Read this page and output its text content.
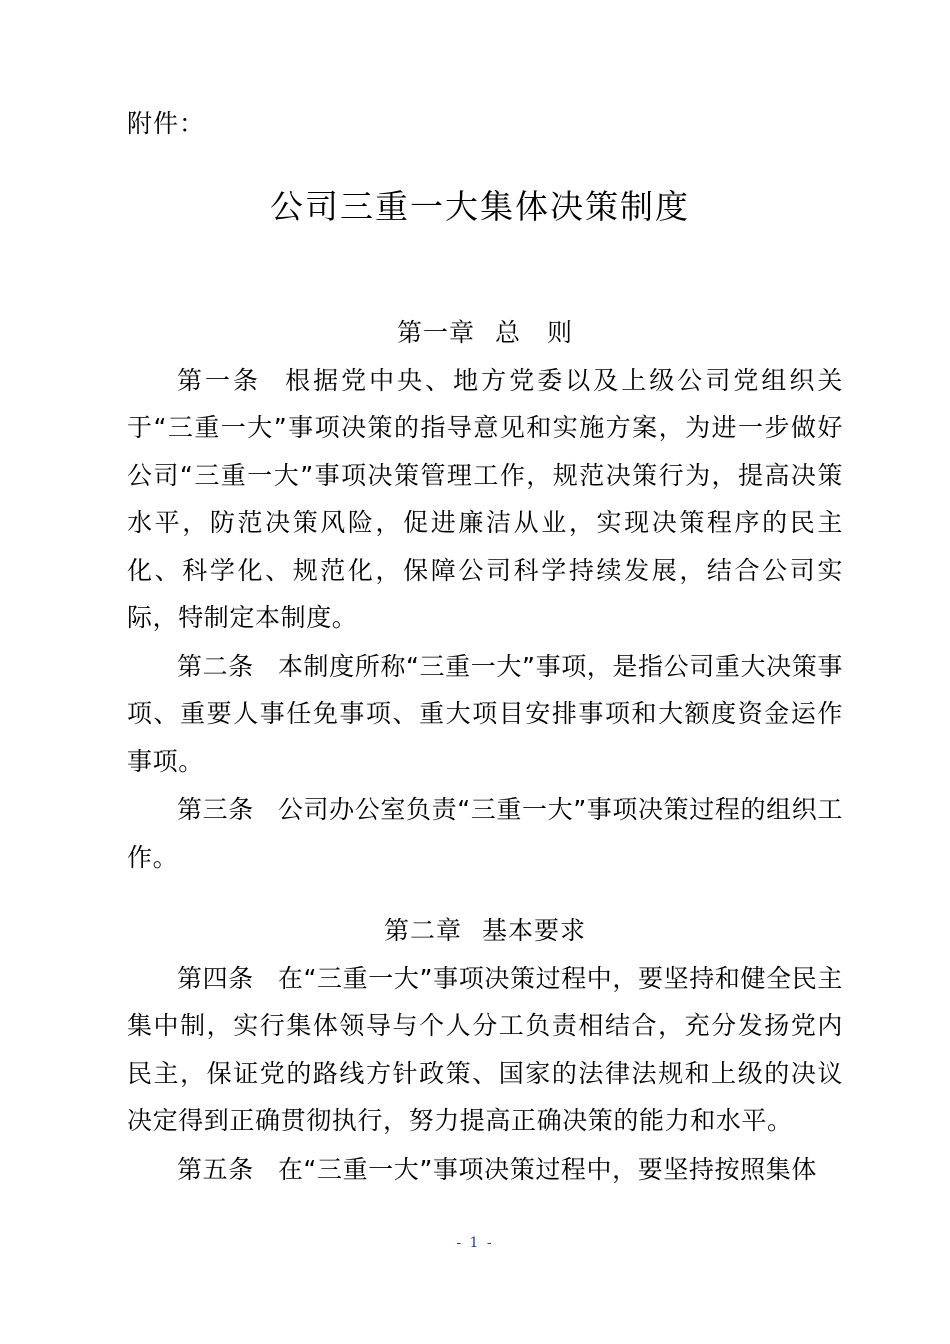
附件：
公司三重一大集体决策制度
第一章 总　则

第一条 根据党中央、地方党委以及上级公司党组织关于“三重一大”事项决策的指导意见和实施方案，为进一步做好公司“三重一大”事项决策管理工作，规范决策行为，提高决策水平，防范决策风险，促进廉洁从业，实现决策程序的民主化、科学化、规范化，保障公司科学持续发展，结合公司实际，特制定本制度。

第二条 本制度所称“三重一大”事项，是指公司重大决策事项、重要人事任免事项、重大项目安排事项和大额度资金运作事项。

第三条 公司办公室负责“三重一大”事项决策过程的组织工作。

第二章 基本要求

第四条 在“三重一大”事项决策过程中，要坚持和健全民主集中制，实行集体领导与个人分工负责相结合，充分发扬党内民主，保证党的路线方针政策、国家的法律法规和上级的决议决定得到正确贯彻执行，努力提高正确决策的能力和水平。

第五条 在“三重一大”事项决策过程中，要坚持按照集体

- 1 -
